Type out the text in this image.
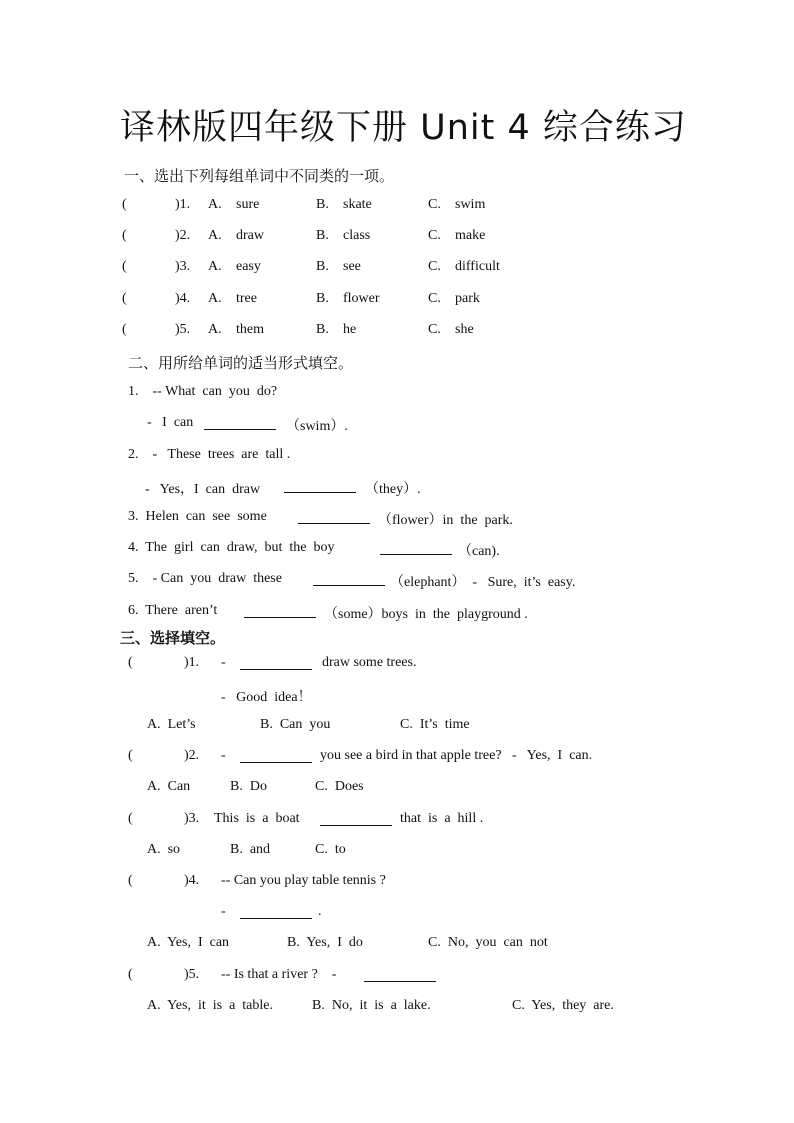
译林版四年级下册 Unit 4 综合练习
一、选出下列每组单词中不同类的一项。
(	)1. A. sure	B. skate	C. swim
(	)2. A. draw	B. class	C. make
(	)3. A. easy	B. see	C. difficult
(	)4. A. tree	B. flower	C. park
(	)5. A. them	B. he	C. she
二、用所给单词的适当形式填空。
1.    -- What  can  you  do?
-   I  can	（swim）.
2.    -   These  trees  are  tall .
-   Yes，I  can  draw	（they）.
3.  Helen  can  see  some	（flower）in  the  park.
4.  The  girl  can  draw,  but  the  boy	（can).
5.    - Can  you  draw  these	（elephant）  -   Sure,  it’s  easy.
6.  There  aren’t	（some）boys  in  the  playground .
三、选择填空。
(	)1. -	draw some trees.
-   Good  idea！
A.  Let’s	B.  Can  you	C.  It’s  time
(	)2. -	you see a bird in that apple tree?   -   Yes,  I  can.
A.  Can	B.  Do	C.  Does
(	)3. This  is  a  boat	that  is  a  hill .
A.  so	B.  and	C.  to
(	)4. -- Can you play table tennis ?
-	.
A.  Yes,  I  can	B.  Yes,  I  do	C.  No,  you  can  not
(	)5. -- Is that a river ?    -
A.  Yes,  it  is  a  table.	B.  No,  it  is  a  lake.	C.  Yes,  they  are.
